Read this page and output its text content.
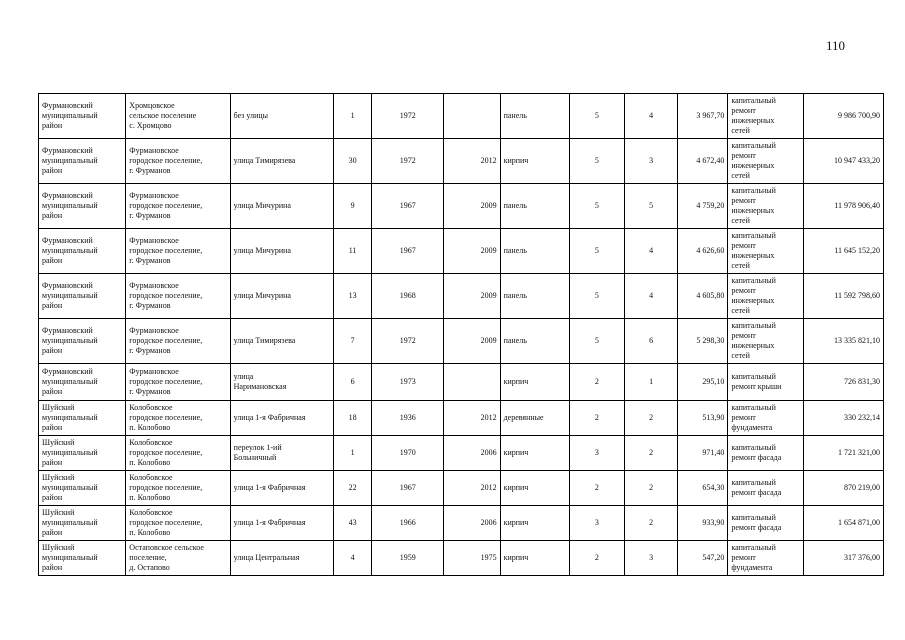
110
Фурмановский
муниципальный
район	Хромцовское
сельское поселение
с. Хромцово	без улицы	1	1972		панель	5	4	3 967,70	капитальный
ремонт
инженерных
сетей	9 986 700,90
Фурмановский
муниципальный
район	Фурмановское
городское поселение,
г. Фурманов	улица Тимирязева	30	1972	2012	кирпич	5	3	4 672,40	капитальный
ремонт
инженерных
сетей	10 947 433,20
Фурмановский
муниципальный
район	Фурмановское
городское поселение,
г. Фурманов	улица Мичурина	9	1967	2009	панель	5	5	4 759,20	капитальный
ремонт
инженерных
сетей	11 978 906,40
Фурмановский
муниципальный
район	Фурмановское
городское поселение,
г. Фурманов	улица Мичурина	11	1967	2009	панель	5	4	4 626,60	капитальный
ремонт
инженерных
сетей	11 645 152,20
Фурмановский
муниципальный
район	Фурмановское
городское поселение,
г. Фурманов	улица Мичурина	13	1968	2009	панель	5	4	4 605,80	капитальный
ремонт
инженерных
сетей	11 592 798,60
Фурмановский
муниципальный
район	Фурмановское
городское поселение,
г. Фурманов	улица Тимирязева	7	1972	2009	панель	5	6	5 298,30	капитальный
ремонт
инженерных
сетей	13 335 821,10
Фурмановский
муниципальный
район	Фурмановское
городское поселение,
г. Фурманов	улица
Наримановская	6	1973		кирпич	2	1	295,10	капитальный
ремонт крыши	726 831,30
Шуйский
муниципальный
район	Колобовское
городское поселение,
п. Колобово	улица 1-я Фабричная	18	1936	2012	деревянные	2	2	513,90	капитальный
ремонт
фундамента	330 232,14
Шуйский
муниципальный
район	Колобовское
городское поселение,
п. Колобово	переулок 1-ий
Больничный	1	1970	2006	кирпич	3	2	971,40	капитальный
ремонт фасада	1 721 321,00
Шуйский
муниципальный
район	Колобовское
городское поселение,
п. Колобово	улица 1-я Фабричная	22	1967	2012	кирпич	2	2	654,30	капитальный
ремонт фасада	870 219,00
Шуйский
муниципальный
район	Колобовское
городское поселение,
п. Колобово	улица 1-я Фабричная	43	1966	2006	кирпич	3	2	933,90	капитальный
ремонт фасада	1 654 871,00
Шуйский
муниципальный
район	Остаповское сельское
поселение,
д. Остапово	улица Центральная	4	1959	1975	кирпич	2	3	547,20	капитальный
ремонт
фундамента	317 376,00
